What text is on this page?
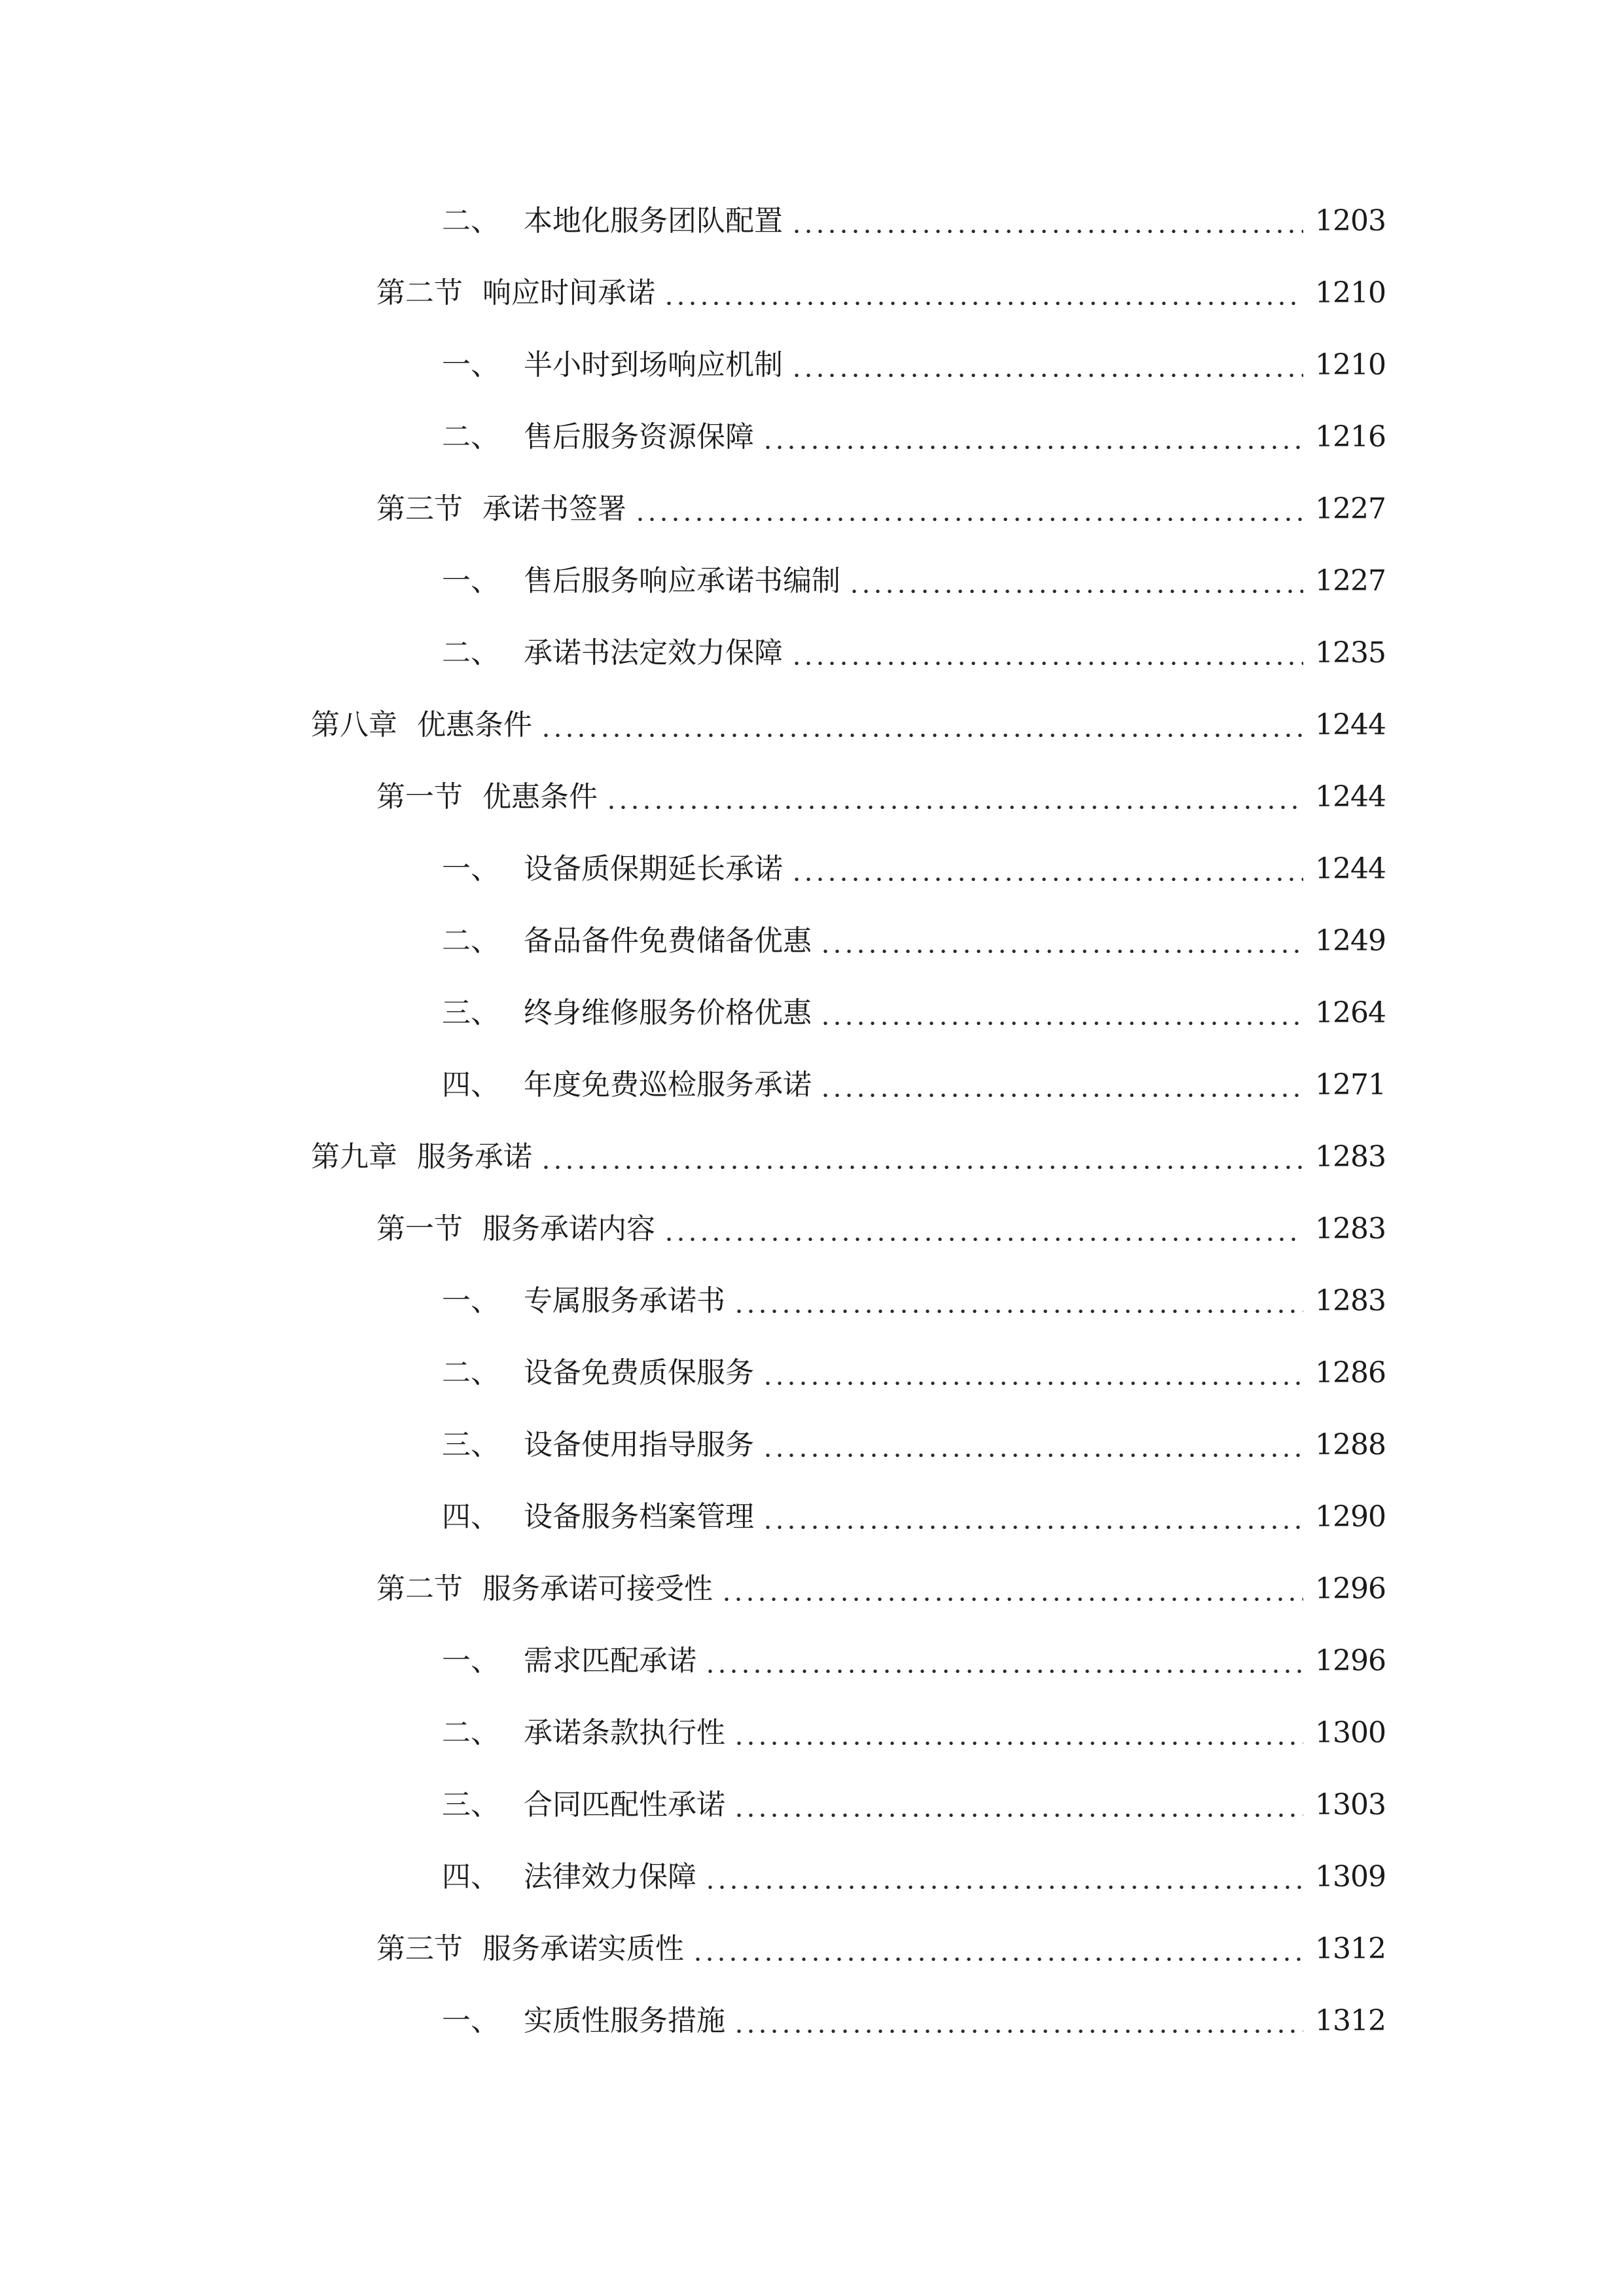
二、 本地化服务团队配置	1203
第二节 响应时间承诺	1210
一、 半小时到场响应机制	1210
二、 售后服务资源保障	1216
第三节 承诺书签署	1227
一、 售后服务响应承诺书编制	1227
二、 承诺书法定效力保障	1235
第八章 优惠条件	1244
第一节 优惠条件	1244
一、 设备质保期延长承诺	1244
二、 备品备件免费储备优惠	1249
三、 终身维修服务价格优惠	1264
四、 年度免费巡检服务承诺	1271
第九章 服务承诺	1283
第一节 服务承诺内容	1283
一、 专属服务承诺书	1283
二、 设备免费质保服务	1286
三、 设备使用指导服务	1288
四、 设备服务档案管理	1290
第二节 服务承诺可接受性	1296
一、 需求匹配承诺	1296
二、 承诺条款执行性	1300
三、 合同匹配性承诺	1303
四、 法律效力保障	1309
第三节 服务承诺实质性	1312
一、 实质性服务措施	1312
